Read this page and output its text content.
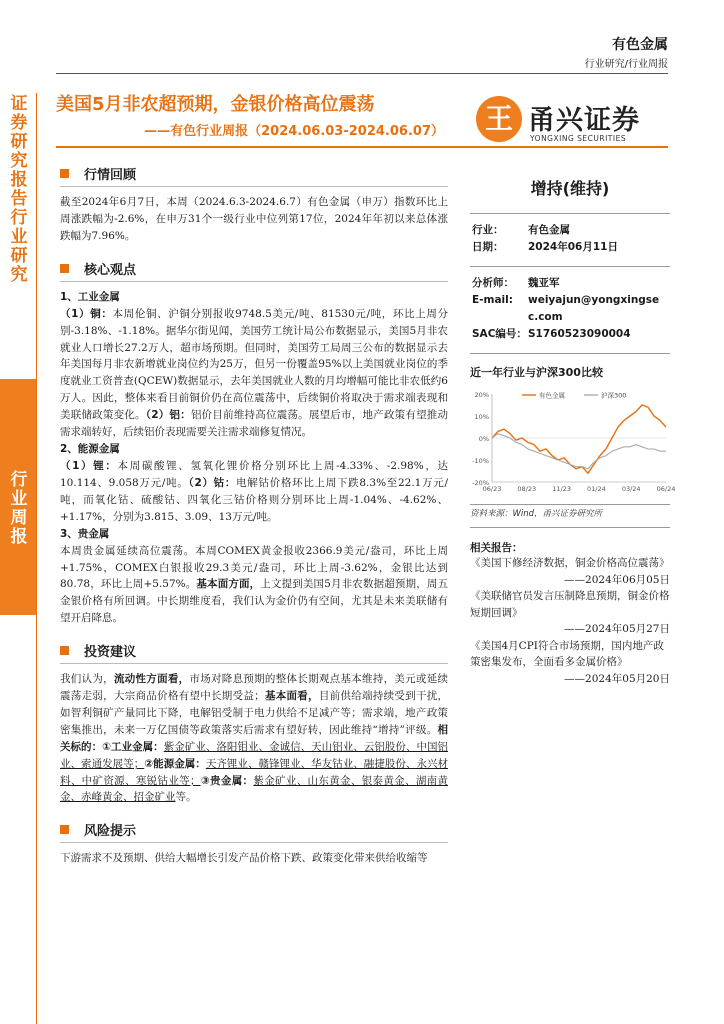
证券研究报告 行业研究
行业周报
有色金属
行业研究/行业周报
美国5月非农超预期，金银价格高位震荡
——有色行业周报（2024.06.03-2024.06.07）	王 甬兴证券
YONGXING SECURITIES
行情回顾

截至2024年6月7日，本周（2024.6.3-2024.6.7）有色金属（申万）指数环比上周涨跌幅为-2.6%，在申万31个一级行业中位列第17位，2024年年初以来总体涨跌幅为7.96%。

核心观点
1、工业金属

（1）铜：本周伦铜、沪铜分别报收9748.5美元/吨、81530元/吨，环比上周分别-3.18%、-1.18%。据华尔街见闻，美国劳工统计局公布数据显示，美国5月非农就业人口增长27.2万人，超市场预期。但同时，美国劳工局周三公布的数据显示去年美国每月非农新增就业岗位约为25万，但另一份覆盖95%以上美国就业岗位的季度就业工资普查(QCEW)数据显示，去年美国就业人数的月均增幅可能比非农低约6万人。因此，整体来看目前铜价仍在高位震荡中，后续铜价将取决于需求端表现和美联储政策变化。（2）铝：铝价目前维持高位震荡。展望后市，地产政策有望推动需求端转好，后续铝价表现需要关注需求端修复情况。

2、能源金属

（1）锂：本周碳酸锂、氢氧化锂价格分别环比上周-4.33%、-2.98%，达10.114、9.058万元/吨。（2）钴：电解钴价格环比上周下跌8.3%至22.1万元/吨，而氧化钴、硫酸钴、四氧化三钴价格则分别环比上周-1.04%、-4.62%、+1.17%，分别为3.815、3.09、13万元/吨。

3、贵金属

本周贵金属延续高位震荡。本周COMEX黄金报收2366.9美元/盎司，环比上周+1.75%，COMEX白银报收29.3美元/盎司，环比上周-3.62%，金银比达到80.78，环比上周+5.57%。基本面方面，上文提到美国5月非农数据超预期，周五金银价格有所回调。中长期维度看，我们认为金价仍有空间，尤其是未来美联储有望开启降息。

投资建议

我们认为，流动性方面看，市场对降息预期的整体长期观点基本维持，美元或延续震荡走弱，大宗商品价格有望中长期受益；基本面看，目前供给端持续受到干扰，如智利铜矿产量同比下降，电解铝受制于电力供给不足减产等；需求端，地产政策密集推出，未来一万亿国债等政策落实后需求有望好转，因此维持“增持”评级。相关标的：①工业金属：紫金矿业、洛阳钼业、金诚信、天山铝业、云铝股份、中国铝业、索通发展等；②能源金属：天齐锂业、赣锋锂业、华友钴业、融捷股份、永兴材料、中矿资源、寒锐钴业等；③贵金属：紫金矿业、山东黄金、银泰黄金、湖南黄金、赤峰黄金、招金矿业等。

风险提示

下游需求不及预期、供给大幅增长引发产品价格下跌、政策变化带来供给收缩等

增持(维持)
行业： 有色金属
日期： 2024年06月11日
分析师： 魏亚军
E-mail: weiyajun@yongxingse
c.com
SAC编号： S1760523090004
近一年行业与沪深300比较
20%
10%
0%
-10%
-20%
06/23 08/23 11/23 01/24 03/24 06/24
有色金属	沪深300
资料来源：Wind，甬兴证券研究所
相关报告：
《美国下修经济数据，铜金价格高位震荡》
——2024年06月05日
《美联储官员发言压制降息预期，铜金价格短期回调》
——2024年05月27日
《美国4月CPI符合市场预期，国内地产政策密集发布，全面看多金属价格》
——2024年05月20日
